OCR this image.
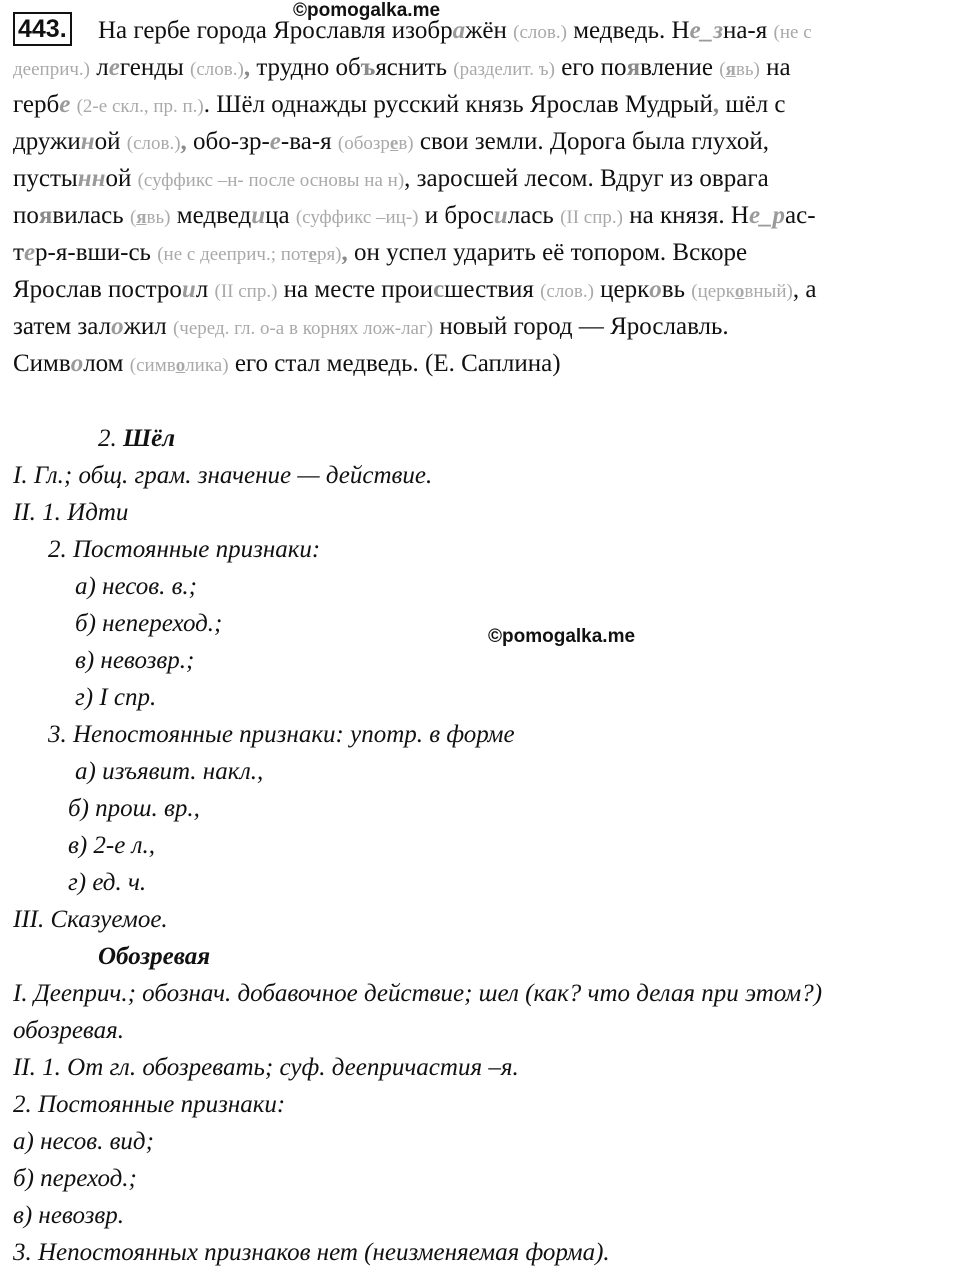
©pomogalka.me
©pomogalka.me
На гербе города Ярославля изображён (слов.) медведь. Не_зна-я (не с
дееприч.) легенды (слов.), трудно объяснить (разделит. ъ) его появление (явь) на
гербе (2-е скл., пр. п.). Шёл однажды русский князь Ярослав Мудрый, шёл с
дружиной (слов.), обо-зр-е-ва-я (обозрев) свои земли. Дорога была глухой,
пустынной (суффикс –н- после основы на н), заросшей лесом. Вдруг из оврага
появилась (явь) медведица (суффикс –иц-) и бросилась (II спр.) на князя. Не_рас-
тер-я-вши-сь (не с дееприч.; потеря), он успел ударить её топором. Вскоре
Ярослав построил (II спр.) на месте происшествия (слов.) церковь (церковный), а
затем заложил (черед. гл. о-а в корнях лож-лаг) новый город — Ярославль.
Символом (символика) его стал медведь. (Е. Саплина)
443.
2. Шёл
I. Гл.; общ. грам. значение — действие.
II. 1. Идти
2. Постоянные признаки:
а) несов. в.;
б) непереход.;
в) невозвр.;
г) I спр.
3. Непостоянные признаки: употр. в форме
а) изъявит. накл.,
б) прош. вр.,
в) 2-е л.,
г) ед. ч.
III. Сказуемое.
Обозревая
I. Дееприч.; обознач. добавочное действие; шел (как? что делая при этом?)
обозревая.
II. 1. От гл. обозревать; суф. деепричастия –я.
2. Постоянные признаки:
а) несов. вид;
б) переход.;
в) невозвр.
3. Непостоянных признаков нет (неизменяемая форма).
